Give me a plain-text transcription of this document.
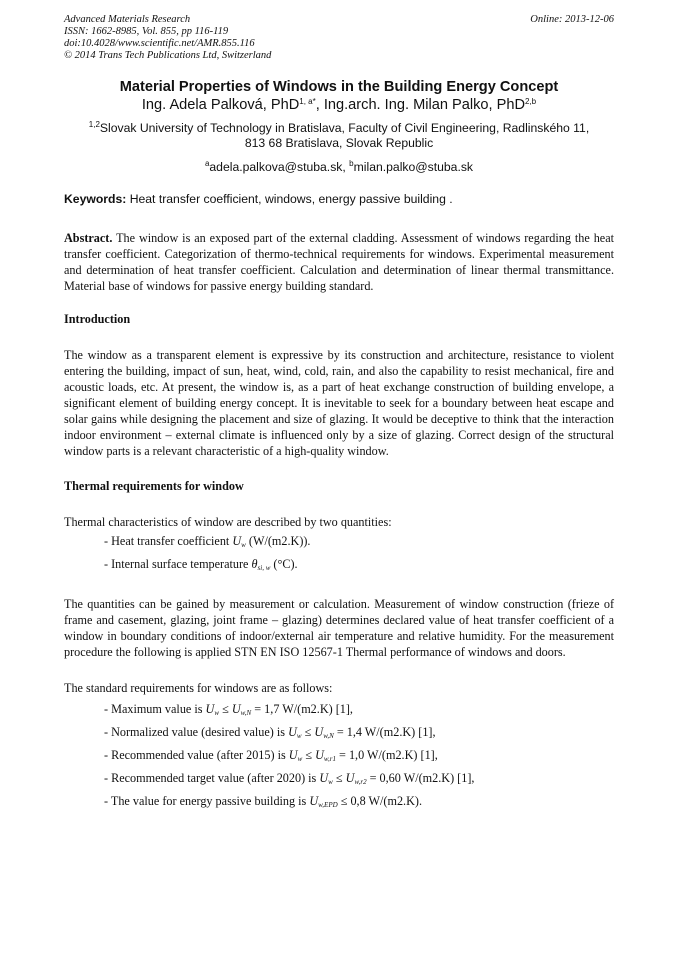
Advanced Materials Research	Online: 2013-12-06
ISSN: 1662-8985, Vol. 855, pp 116-119
doi:10.4028/www.scientific.net/AMR.855.116
© 2014 Trans Tech Publications Ltd, Switzerland
Material Properties of Windows in the Building Energy Concept
Ing. Adela Palková, PhD$^{1, a*}$, Ing.arch. Ing. Milan Palko, PhD$^{2,b}$
$^{1,2}$Slovak University of Technology in Bratislava, Faculty of Civil Engineering, Radlinského 11,
813 68 Bratislava, Slovak Republic
$^a$adela.palkova@stuba.sk, $^b$milan.palko@stuba.sk
Keywords: Heat transfer coefficient, windows, energy passive building .
Abstract. The window is an exposed part of the external cladding. Assessment of windows regarding the heat transfer coefficient. Categorization of thermo-technical requirements for windows. Experimental measurement and determination of heat transfer coefficient. Calculation and determination of linear thermal transmittance. Material base of windows for passive energy building standard.
Introduction
The window as a transparent element is expressive by its construction and architecture, resistance to violent entering the building, impact of sun, heat, wind, cold, rain, and also the capability to resist mechanical, fire and acoustic loads, etc. At present, the window is, as a part of heat exchange construction of building envelope, a significant element of building energy concept. It is inevitable to seek for a boundary between heat escape and solar gains while designing the placement and size of glazing. It would be deceptive to think that the interaction indoor environment – external climate is influenced only by a size of glazing. Correct design of the structural window parts is a relevant characteristic of a high-quality window.
Thermal requirements for window
Thermal characteristics of window are described by two quantities:
- Heat transfer coefficient $U_w$ (W/(m2.K)).
- Internal surface temperature $\theta_{si, w}$ (°C).
The quantities can be gained by measurement or calculation. Measurement of window construction (frieze of frame and casement, glazing, joint frame – glazing) determines declared value of heat transfer coefficient of a window in boundary conditions of indoor/external air temperature and relative humidity. For the measurement procedure the following is applied STN EN ISO 12567-1 Thermal performance of windows and doors.
The standard requirements for windows are as follows:
- Maximum value is $U_w \le U_{w,N} = 1,7$ W/(m2.K) [1],
- Normalized value (desired value) is $U_w \le U_{w,N} = 1,4$ W/(m2.K) [1],
- Recommended value (after 2015) is $U_w \le U_{w,r1} = 1,0$ W/(m2.K) [1],
- Recommended target value (after 2020) is $U_w \le U_{w,r2} = 0,60$ W/(m2.K) [1],
- The value for energy passive building is $U_{w,EPD} \le 0,8$ W/(m2.K).
